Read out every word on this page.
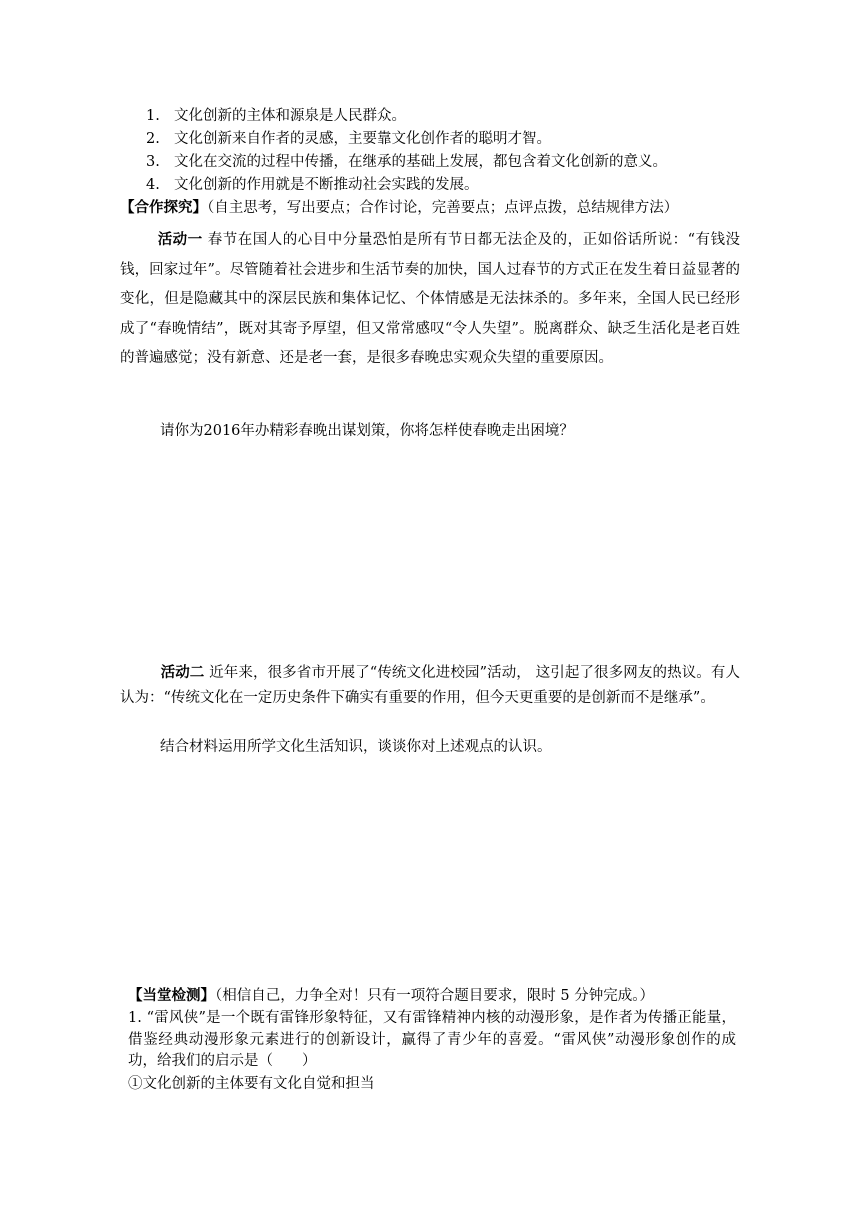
1. 文化创新的主体和源泉是人民群众。
2. 文化创新来自作者的灵感，主要靠文化创作者的聪明才智。
3. 文化在交流的过程中传播，在继承的基础上发展，都包含着文化创新的意义。
4. 文化创新的作用就是不断推动社会实践的发展。
【合作探究】（自主思考，写出要点；合作讨论，完善要点；点评点拨，总结规律方法）
活动一 春节在国人的心目中分量恐怕是所有节日都无法企及的，正如俗话所说：“有钱没钱，回家过年”。尽管随着社会进步和生活节奏的加快，国人过春节的方式正在发生着日益显著的变化，但是隐藏其中的深层民族和集体记忆、个体情感是无法抹杀的。多年来，全国人民已经形成了“春晚情结”，既对其寄予厚望，但又常常感叹“令人失望”。脱离群众、缺乏生活化是老百姓的普遍感觉；没有新意、还是老一套，是很多春晚忠实观众失望的重要原因。
请你为2016年办精彩春晚出谋划策，你将怎样使春晚走出困境？
活动二 近年来，很多省市开展了“传统文化进校园”活动， 这引起了很多网友的热议。有人认为：“传统文化在一定历史条件下确实有重要的作用，但今天更重要的是创新而不是继承”。
结合材料运用所学文化生活知识，谈谈你对上述观点的认识。
【当堂检测】（相信自己，力争全对！只有一项符合题目要求，限时 5 分钟完成。）
1. “雷风侠”是一个既有雷锋形象特征，又有雷锋精神内核的动漫形象，是作者为传播正能量，借鉴经典动漫形象元素进行的创新设计，赢得了青少年的喜爱。“雷风侠”动漫形象创作的成功，给我们的启示是（　　）
①文化创新的主体要有文化自觉和担当
